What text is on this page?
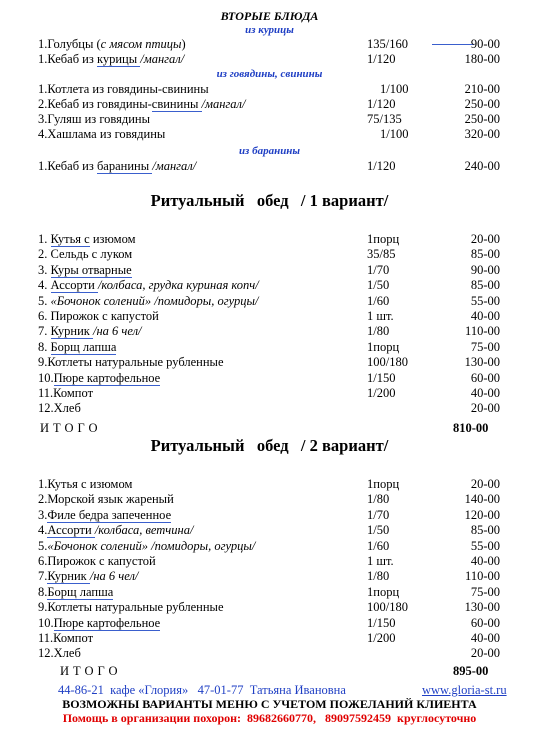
ВТОРЫЕ БЛЮДА
из курицы
1.Голубцы (с мясом птицы)	135/160	90-00
1.Кебаб из курицы /мангал/	1/120	180-00
из говядины, свинины
1.Котлета из говядины-свинины	1/100	210-00
2.Кебаб из говядины-свинины /мангал/	1/120	250-00
3.Гуляш из говядины	75/135	250-00
4.Хашлама из говядины	1/100	320-00
из баранины
1.Кебаб из баранины /мангал/	1/120	240-00
Ритуальный   обед   / 1 вариант/
1. Кутья с изюмом	1порц	20-00
2. Сельдь с луком	35/85	85-00
3. Куры отварные	1/70	90-00
4. Ассорти /колбаса, грудка куриная копч/	1/50	85-00
5. «Бочонок солений» /помидоры, огурцы/	1/60	55-00
6. Пирожок с капустой	1 шт.	40-00
7. Курник /на 6 чел/	1/80	110-00
8. Борщ лапша	1порц	75-00
9.Котлеты натуральные рубленные	100/180	130-00
10.Пюре картофельное	1/150	60-00
11.Компот	1/200	40-00
12.Хлеб	20-00
ИТОГО	810-00
Ритуальный   обед   / 2 вариант/
1.Кутья с изюмом	1порц	20-00
2.Морской язык жареный	1/80	140-00
3.Филе бедра запеченное	1/70	120-00
4.Ассорти /колбаса, ветчина/	1/50	85-00
5.«Бочонок солений» /помидоры, огурцы/	1/60	55-00
6.Пирожок с капустой	1 шт.	40-00
7.Курник /на 6 чел/	1/80	110-00
8.Борщ лапша	1порц	75-00
9.Котлеты натуральные рубленные	100/180	130-00
10.Пюре картофельное	1/150	60-00
11.Компот	1/200	40-00
12.Хлеб	20-00
ИТОГО	895-00
44-86-21  кафе «Глория»   47-01-77  Татьяна Ивановна	www.gloria-st.ru
ВОЗМОЖНЫ ВАРИАНТЫ МЕНЮ С УЧЕТОМ ПОЖЕЛАНИЙ КЛИЕНТА
Помощь в организации похорон:  89682660770,   89097592459  круглосуточно
